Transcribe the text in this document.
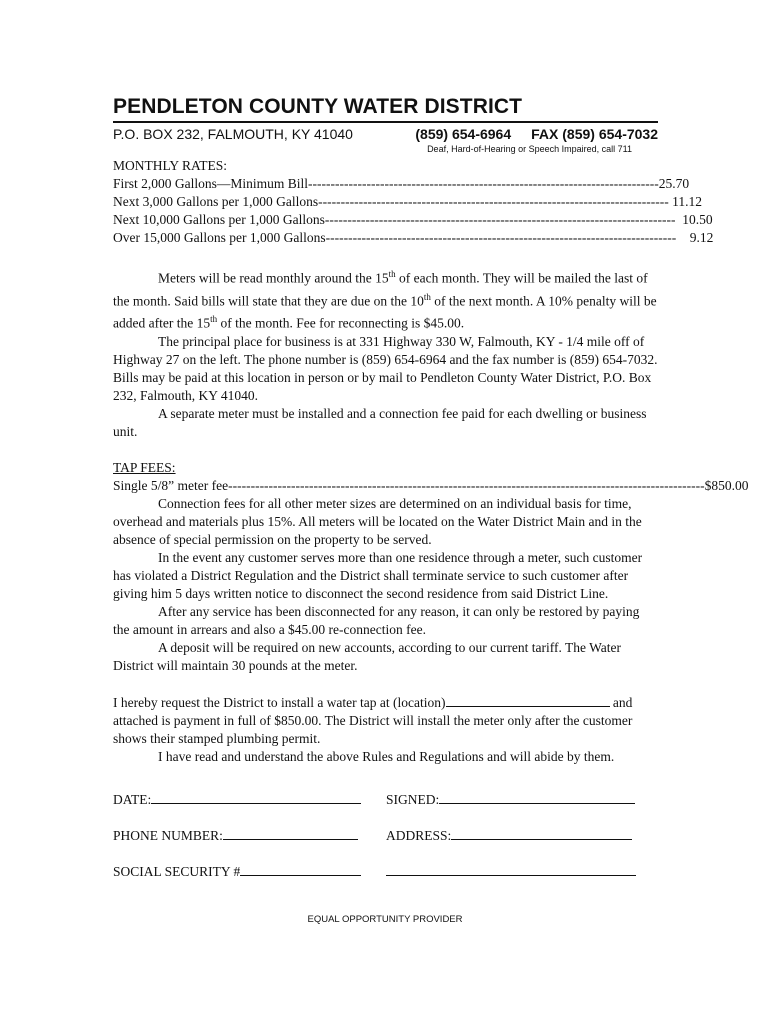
PENDLETON COUNTY WATER DISTRICT
P.O. BOX 232, FALMOUTH, KY 41040	(859) 654-6964 FAX (859) 654-7032
Deaf, Hard-of-Hearing or Speech Impaired, call 711
MONTHLY RATES:
First 2,000 Gallons—Minimum Bill ------------------------------------------------------------------------------ 25.70
Next 3,000 Gallons per 1,000 Gallons ------------------------------------------------------------------------------ 11.12
Next 10,000 Gallons per 1,000 Gallons ------------------------------------------------------------------------------ 10.50
Over 15,000 Gallons per 1,000 Gallons ------------------------------------------------------------------------------ 9.12

Meters will be read monthly around the 15th of each month. They will be mailed the last of the month. Said bills will state that they are due on the 10th of the next month. A 10% penalty will be added after the 15th of the month. Fee for reconnecting is $45.00.

The principal place for business is at 331 Highway 330 W, Falmouth, KY - 1/4 mile off of Highway 27 on the left. The phone number is (859) 654-6964 and the fax number is (859) 654-7032. Bills may be paid at this location in person or by mail to Pendleton County Water District, P.O. Box 232, Falmouth, KY 41040.

A separate meter must be installed and a connection fee paid for each dwelling or business unit.

TAP FEES:
Single 5/8” meter fee ---------------------------------------------------------------------------------------------------------- $850.00

Connection fees for all other meter sizes are determined on an individual basis for time, overhead and materials plus 15%. All meters will be located on the Water District Main and in the absence of special permission on the property to be served.

In the event any customer serves more than one residence through a meter, such customer has violated a District Regulation and the District shall terminate service to such customer after giving him 5 days written notice to disconnect the second residence from said District Line.

After any service has been disconnected for any reason, it can only be restored by paying the amount in arrears and also a $45.00 re-connection fee.

A deposit will be required on new accounts, according to our current tariff. The Water District will maintain 30 pounds at the meter.

I hereby request the District to install a water tap at (location)	and attached is payment in full of $850.00. The District will install the meter only after the customer shows their stamped plumbing permit.

I have read and understand the above Rules and Regulations and will abide by them.

DATE:	SIGNED:
PHONE NUMBER:	ADDRESS:
SOCIAL SECURITY #
EQUAL OPPORTUNITY PROVIDER
